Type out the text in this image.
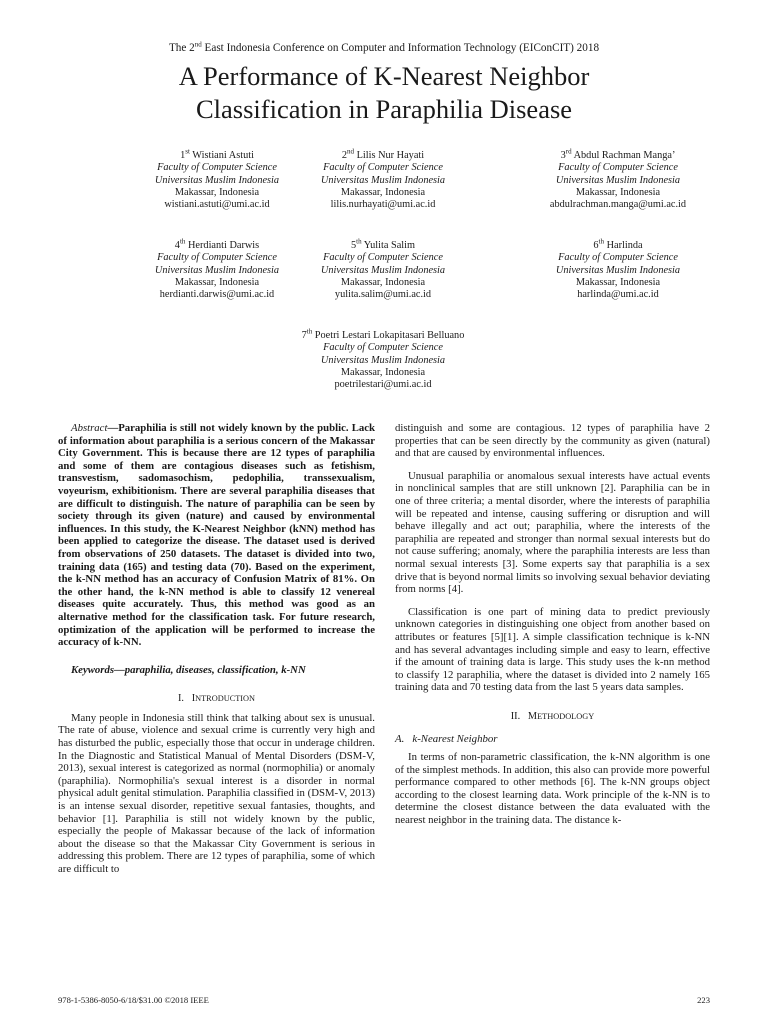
The 2nd East Indonesia Conference on Computer and Information Technology (EIConCIT) 2018
A Performance of K-Nearest Neighbor
Classification in Paraphilia Disease
1st Wistiani Astuti
Faculty of Computer Science
Universitas Muslim Indonesia
Makassar, Indonesia
wistiani.astuti@umi.ac.id
2nd Lilis Nur Hayati
Faculty of Computer Science
Universitas Muslim Indonesia
Makassar, Indonesia
lilis.nurhayati@umi.ac.id
3rd Abdul Rachman Manga’
Faculty of Computer Science
Universitas Muslim Indonesia
Makassar, Indonesia
abdulrachman.manga@umi.ac.id
4th Herdianti Darwis
Faculty of Computer Science
Universitas Muslim Indonesia
Makassar, Indonesia
herdianti.darwis@umi.ac.id
5th Yulita Salim
Faculty of Computer Science
Universitas Muslim Indonesia
Makassar, Indonesia
yulita.salim@umi.ac.id
6th Harlinda
Faculty of Computer Science
Universitas Muslim Indonesia
Makassar, Indonesia
harlinda@umi.ac.id
7th Poetri Lestari Lokapitasari Belluano
Faculty of Computer Science
Universitas Muslim Indonesia
Makassar, Indonesia
poetrilestari@umi.ac.id

Abstract—Paraphilia is still not widely known by the public. Lack of information about paraphilia is a serious concern of the Makassar City Government. This is because there are 12 types of paraphilia and some of them are contagious diseases such as fetishism, transvestism, sadomasochism, pedophilia, transsexualism, voyeurism, exhibitionism. There are several paraphilia diseases that are difficult to distinguish. The nature of paraphilia can be seen by society through its given (nature) and caused by environmental influences. In this study, the K-Nearest Neighbor (kNN) method has been applied to categorize the disease. The dataset used is derived from observations of 250 datasets. The dataset is divided into two, training data (165) and testing data (70). Based on the experiment, the k-NN method has an accuracy of Confusion Matrix of 81%. On the other hand, the k-NN method is able to classify 12 venereal diseases quite accurately. Thus, this method was good as an alternative method for the classification task. For future research, optimization of the application will be performed to increase the accuracy of k-NN.

Keywords—paraphilia, diseases, classification, k-NN

I. INTRODUCTION

Many people in Indonesia still think that talking about sex is unusual. The rate of abuse, violence and sexual crime is currently very high and has disturbed the public, especially those that occur in underage children. In the Diagnostic and Statistical Manual of Mental Disorders (DSM-V, 2013), sexual interest is categorized as normal (normophilia) or anomaly (paraphilia). Normophilia's sexual interest is a disorder in normal physical adult genital stimulation. Paraphilia classified in (DSM-V, 2013) is an intense sexual disorder, repetitive sexual fantasies, thoughts, and behavior [1]. Paraphilia is still not widely known by the public, especially the people of Makassar because of the lack of information about the disease so that the Makassar City Government is serious in addressing this problem. There are 12 types of paraphilia, some of which are difficult to

distinguish and some are contagious. 12 types of paraphilia have 2 properties that can be seen directly by the community as given (natural) and that are caused by environmental influences.

Unusual paraphilia or anomalous sexual interests have actual events in nonclinical samples that are still unknown [2]. Paraphilia can be in one of three criteria; a mental disorder, where the interests of paraphilia will be repeated and intense, causing suffering or disruption and will behave illegally and act out; paraphilia, where the interests of the paraphilia are repeated and stronger than normal sexual interests but do not cause suffering; anomaly, where the paraphilia interests are less than normal sexual interests [3]. Some experts say that paraphilia is a sex drive that is beyond normal limits so involving sexual behavior deviating from norms [4].

Classification is one part of mining data to predict previously unknown categories in distinguishing one object from another based on attributes or features [5][1]. A simple classification technique is k-NN and has several advantages including simple and easy to learn, effective if the amount of training data is large. This study uses the k-nn method to classify 12 paraphilia, where the dataset is divided into 2 namely 165 training data and 70 testing data from the last 5 years data samples.

II. METHODOLOGY

A. k-Nearest Neighbor

In terms of non-parametric classification, the k-NN algorithm is one of the simplest methods. In addition, this also can provide more powerful performance compared to other methods [6]. The k-NN groups object according to the closest learning data. Work principle of the k-NN is to determine the closest distance between the data evaluated with the nearest neighbor in the training data. The distance k-

978-1-5386-8050-6/18/$31.00 ©2018 IEEE	223
